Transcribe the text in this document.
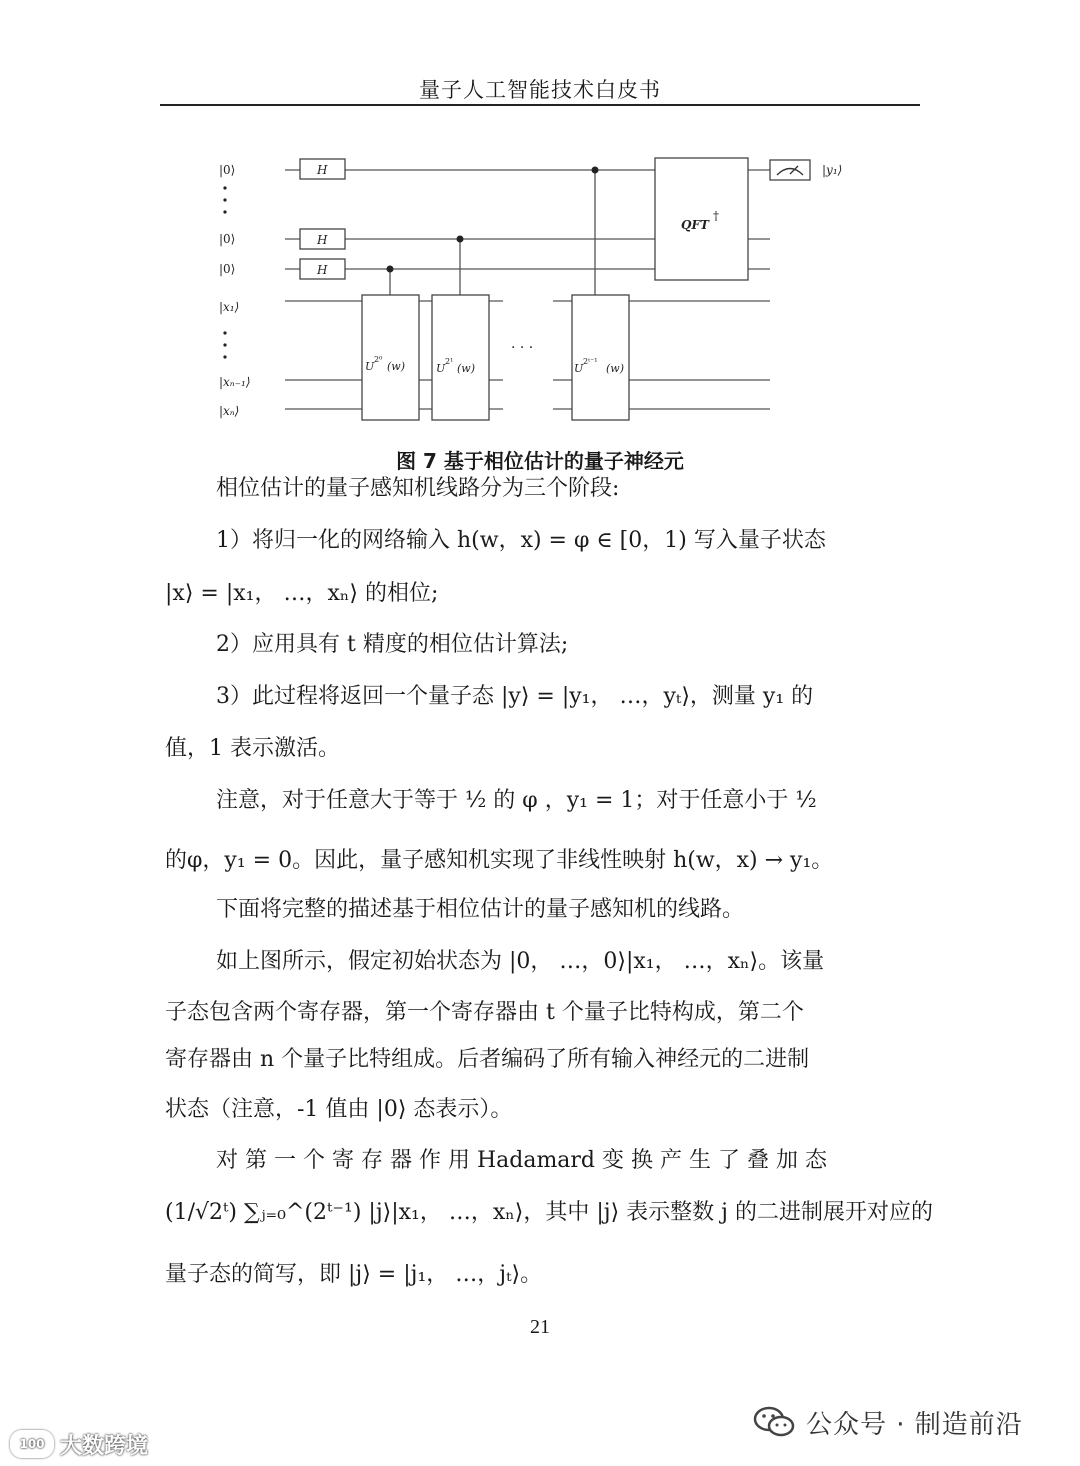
量子人工智能技术白皮书
|0⟩
|0⟩
|0⟩
|x₁⟩
|xₙ₋₁⟩
|xₙ⟩
|y₁⟩
H
H
H
QFT
†
U
2⁰
(w)	U
2¹
(w)	U
2ᵗ⁻¹
(w)
· · ·
图 7 基于相位估计的量子神经元
相位估计的量子感知机线路分为三个阶段:
1）将归一化的网络输入 h(w，x) = φ ∈ [0，1) 写入量子状态
|x⟩ = |x₁， …，xₙ⟩ 的相位;
2）应用具有 t 精度的相位估计算法;
3）此过程将返回一个量子态 |y⟩ = |y₁， …，yₜ⟩，测量 y₁ 的
值，1 表示激活。
注意，对于任意大于等于 ½ 的 φ ，y₁ = 1；对于任意小于 ½
的φ，y₁ = 0。因此，量子感知机实现了非线性映射 h(w，x) → y₁。
下面将完整的描述基于相位估计的量子感知机的线路。
如上图所示，假定初始状态为 |0， …，0⟩|x₁， …，xₙ⟩。该量
子态包含两个寄存器，第一个寄存器由 t 个量子比特构成，第二个
寄存器由 n 个量子比特组成。后者编码了所有输入神经元的二进制
状态（注意，-1 值由 |0⟩ 态表示）。
对 第 一 个 寄 存 器 作 用 Hadamard 变 换 产 生 了 叠 加 态
(1/√2ᵗ) ∑ⱼ₌₀^(2ᵗ⁻¹) |j⟩|x₁， …，xₙ⟩，其中 |j⟩ 表示整数 j 的二进制展开对应的
量子态的简写，即 |j⟩ = |j₁， …，jₜ⟩。
21
公众号 · 制造前沿
100 大数跨境
